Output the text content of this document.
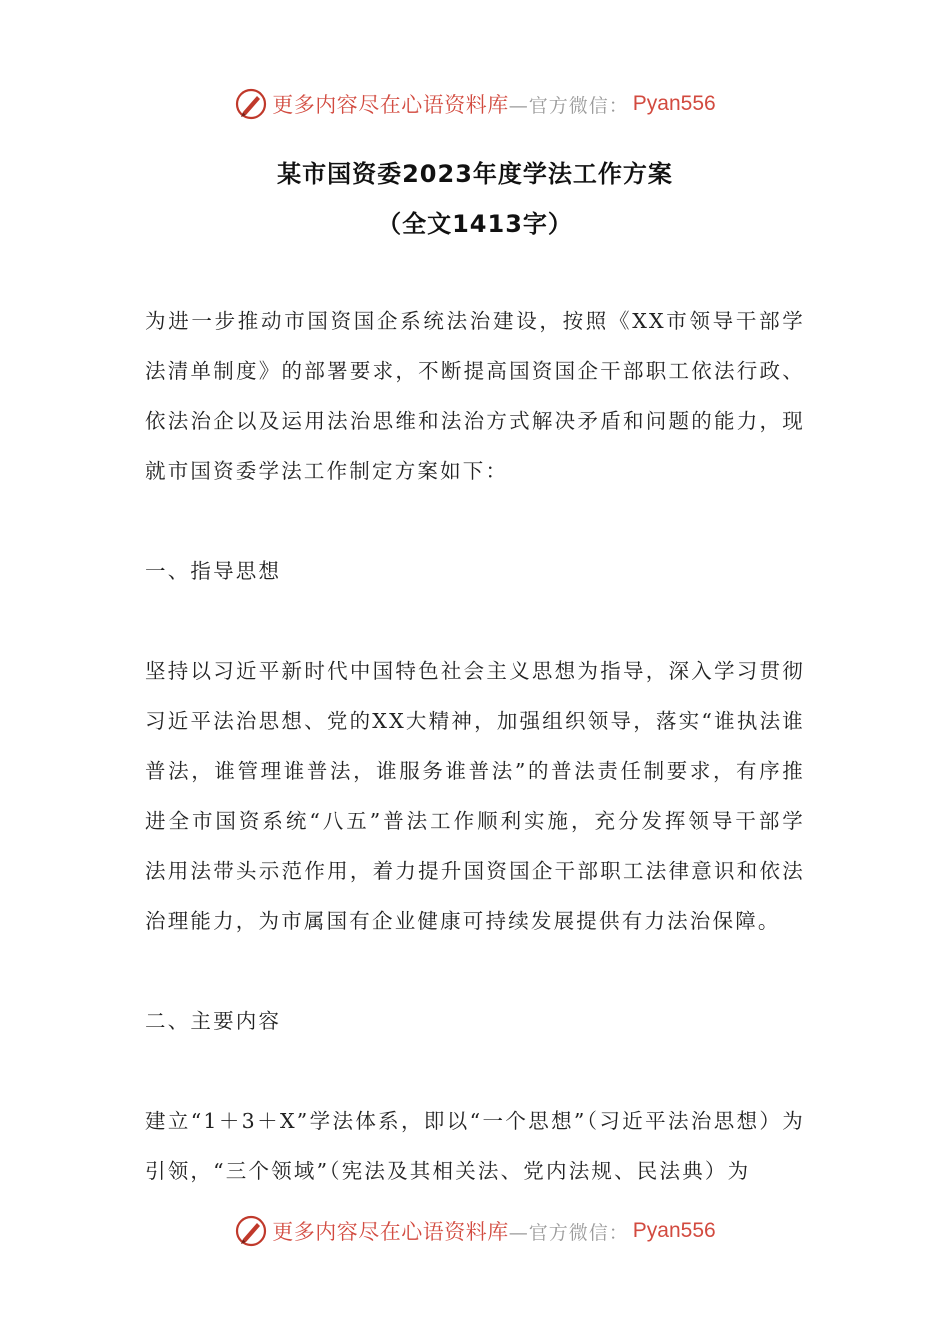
更多内容尽在心语资料库 —官方微信： Pyan556
某市国资委2023年度学法工作方案
（全文1413字）

为进一步推动市国资国企系统法治建设，按照《XX市领导干部学法清单制度》的部署要求，不断提高国资国企干部职工依法行政、依法治企以及运用法治思维和法治方式解决矛盾和问题的能力，现就市国资委学法工作制定方案如下：

一、指导思想

坚持以习近平新时代中国特色社会主义思想为指导，深入学习贯彻习近平法治思想、党的XX大精神，加强组织领导，落实“谁执法谁普法，谁管理谁普法，谁服务谁普法”的普法责任制要求，有序推进全市国资系统“八五”普法工作顺利实施，充分发挥领导干部学法用法带头示范作用，着力提升国资国企干部职工法律意识和依法治理能力，为市属国有企业健康可持续发展提供有力法治保障。

二、主要内容

建立“1＋3＋X”学法体系，即以“一个思想”（习近平法治思想）为引领，“三个领域”（宪法及其相关法、党内法规、民法典）为

更多内容尽在心语资料库 —官方微信： Pyan556
